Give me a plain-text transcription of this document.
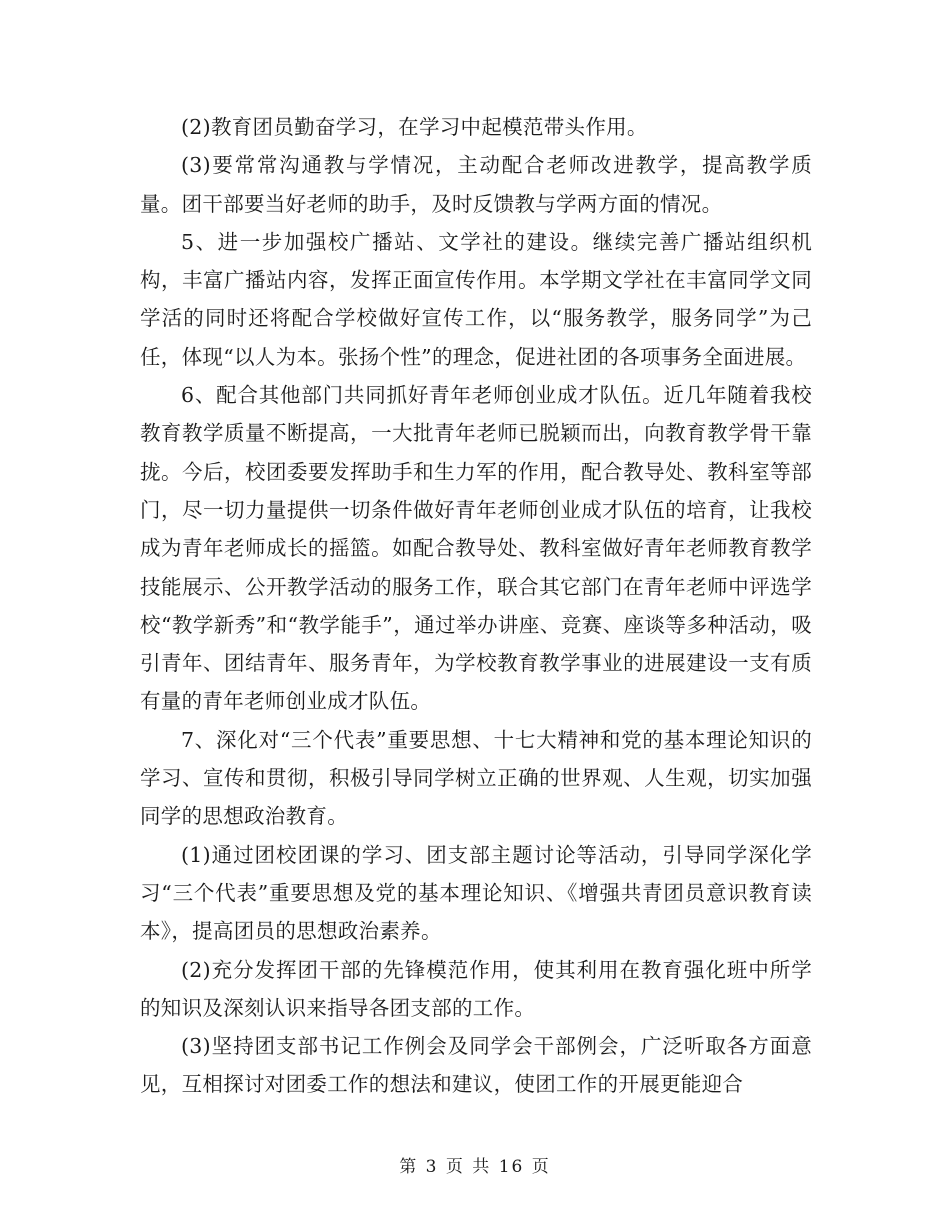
(2)教育团员勤奋学习，在学习中起模范带头作用。

(3)要常常沟通教与学情况，主动配合老师改进教学，提高教学质量。团干部要当好老师的助手，及时反馈教与学两方面的情况。

5、进一步加强校广播站、文学社的建设。继续完善广播站组织机构，丰富广播站内容，发挥正面宣传作用。本学期文学社在丰富同学文同学活的同时还将配合学校做好宣传工作，以“服务教学，服务同学”为己任，体现“以人为本。张扬个性”的理念，促进社团的各项事务全面进展。

6、配合其他部门共同抓好青年老师创业成才队伍。近几年随着我校教育教学质量不断提高，一大批青年老师已脱颖而出，向教育教学骨干靠拢。今后，校团委要发挥助手和生力军的作用，配合教导处、教科室等部门，尽一切力量提供一切条件做好青年老师创业成才队伍的培育，让我校成为青年老师成长的摇篮。如配合教导处、教科室做好青年老师教育教学技能展示、公开教学活动的服务工作，联合其它部门在青年老师中评选学校“教学新秀”和“教学能手”，通过举办讲座、竞赛、座谈等多种活动，吸引青年、团结青年、服务青年，为学校教育教学事业的进展建设一支有质有量的青年老师创业成才队伍。

7、深化对“三个代表”重要思想、十七大精神和党的基本理论知识的学习、宣传和贯彻，积极引导同学树立正确的世界观、人生观，切实加强同学的思想政治教育。

(1)通过团校团课的学习、团支部主题讨论等活动，引导同学深化学习“三个代表”重要思想及党的基本理论知识、《增强共青团员意识教育读本》，提高团员的思想政治素养。

(2)充分发挥团干部的先锋模范作用，使其利用在教育强化班中所学的知识及深刻认识来指导各团支部的工作。

(3)坚持团支部书记工作例会及同学会干部例会，广泛听取各方面意见，互相探讨对团委工作的想法和建议，使团工作的开展更能迎合

第 3 页 共 16 页
